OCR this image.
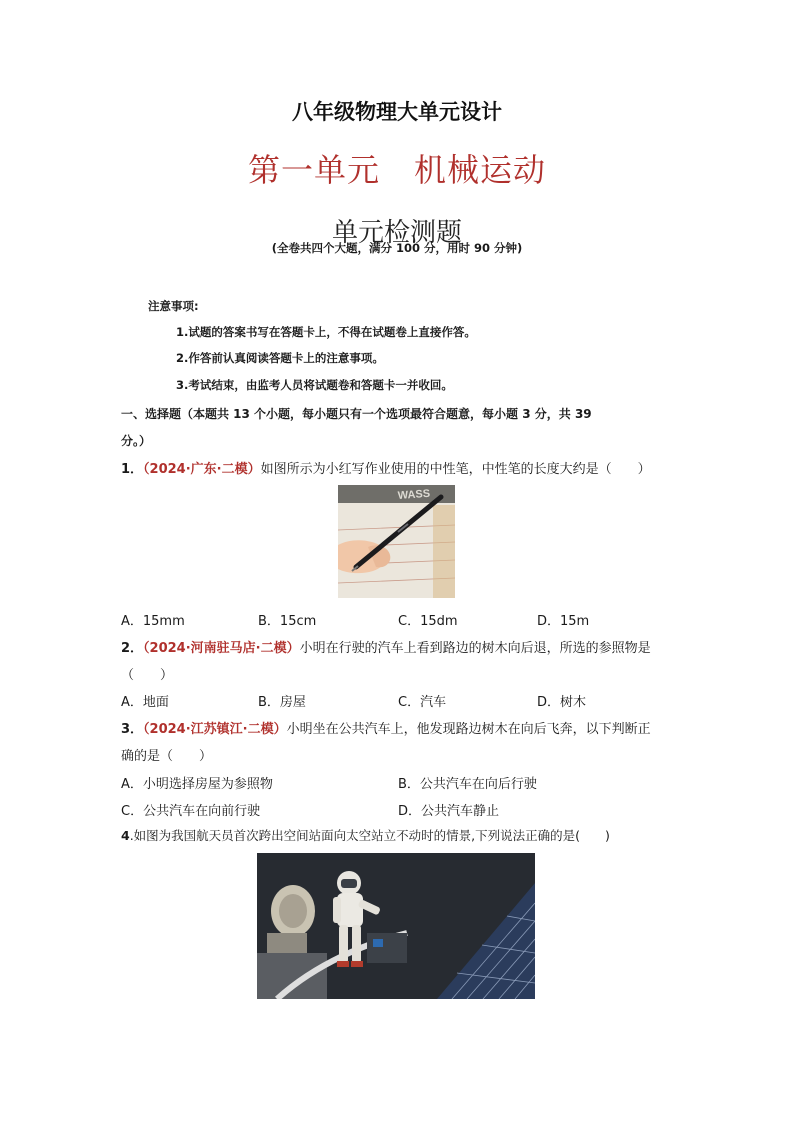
八年级物理大单元设计
第一单元 机械运动
单元检测题
(全卷共四个大题，满分 100 分，用时 90 分钟)
注意事项:
1.试题的答案书写在答题卡上，不得在试题卷上直接作答。
2.作答前认真阅读答题卡上的注意事项。
3.考试结束，由监考人员将试题卷和答题卡一并收回。
一、选择题（本题共 13 个小题，每小题只有一个选项最符合题意，每小题 3 分，共 39
分。）
1．（2024·广东·二模）如图所示为小红写作业使用的中性笔，中性笔的长度大约是（　　）
WASS
A．15mm	B．15cm	C．15dm	D．15m
2．（2024·河南驻马店·二模）小明在行驶的汽车上看到路边的树木向后退，所选的参照物是
（　　）
A．地面	B．房屋	C．汽车	D．树木
3．（2024·江苏镇江·二模）小明坐在公共汽车上，他发现路边树木在向后飞奔，以下判断正
确的是（　　）
A．小明选择房屋为参照物	B．公共汽车在向后行驶
C．公共汽车在向前行驶	D．公共汽车静止
4.如图为我国航天员首次跨出空间站面向太空站立不动时的情景,下列说法正确的是(　　)
